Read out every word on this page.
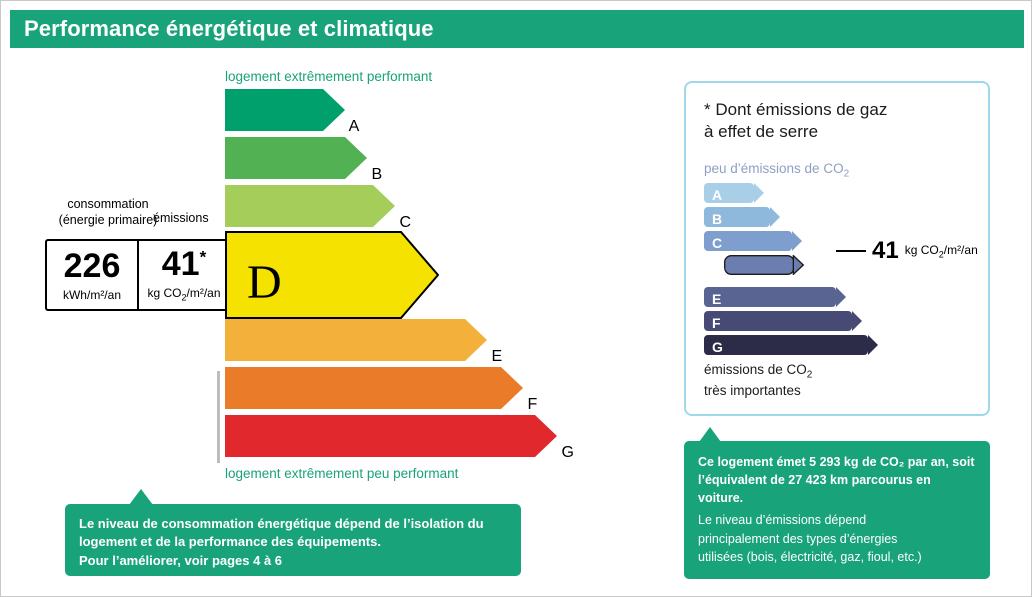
Performance énergétique et climatique
logement extrêmement performant
A
B
C
E
F
G
logement extrêmement peu performant
consommation
(énergie primaire)
émissions
226
kWh/m²/an
41*
kg $CO_2/m^2/an$ D
Le niveau de consommation énergétique dépend de l’isolation du
logement et de la performance des équipements.
Pour l’améliorer, voir pages 4 à 6
* Dont émissions de gaz
à effet de serre
peu d’émissions de $CO_2$
A
B
C
D
E
F
G
41 kg $CO_2/m^2/an$
émissions de $CO_2$
très importantes
Ce logement émet 5 293 kg de CO₂ par an, soit l’équivalent de 27 423 km parcourus en voiture.
Le niveau d’émissions dépend
principalement des types d’énergies
utilisées (bois, électricité, gaz, fioul, etc.)
